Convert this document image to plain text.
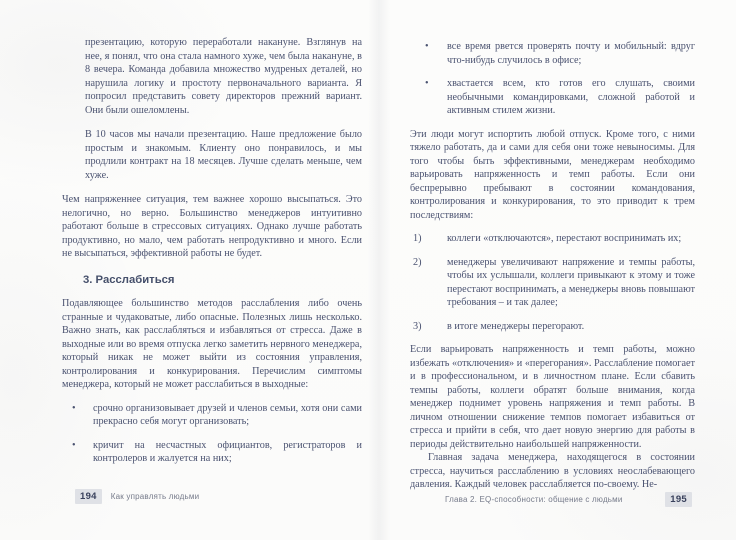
презентацию, которую переработали накануне. Взглянув на нее, я понял, что она стала намного хуже, чем была накануне, в 8 вечера. Команда добавила множество мудреных деталей, но нарушила логику и простоту первоначального варианта. Я попросил представить совету директоров прежний вариант. Они были ошеломлены.

В 10 часов мы начали презентацию. Наше предложение было простым и знакомым. Клиенту оно понравилось, и мы продлили контракт на 18 месяцев. Лучше сделать меньше, чем хуже.

Чем напряженнее ситуация, тем важнее хорошо высыпаться. Это нелогично, но верно. Большинство менеджеров интуитивно работают больше в стрессовых ситуациях. Однако лучше работать продуктивно, но мало, чем работать непродуктивно и много. Если не высыпаться, эффективной работы не будет.

3. Расслабиться

Подавляющее большинство методов расслабления либо очень странные и чудаковатые, либо опасные. Полезных лишь несколько. Важно знать, как расслабляться и избавляться от стресса. Даже в выходные или во время отпуска легко заметить нервного менеджера, который никак не может выйти из состояния управления, контролирования и конкурирования. Перечислим симптомы менеджера, который не может расслабиться в выходные:

• срочно организовывает друзей и членов семьи, хотя они сами прекрасно себя могут организовать;
• кричит на несчастных официантов, регистраторов и контролеров и жалуется на них;
194	Как управлять людьми
• все время рвется проверять почту и мобильный: вдруг что-нибудь случилось в офисе;
• хвастается всем, кто готов его слушать, своими необычными командировками, сложной работой и активным стилем жизни.

Эти люди могут испортить любой отпуск. Кроме того, с ними тяжело работать, да и сами для себя они тоже невыносимы. Для того чтобы быть эффективными, менеджерам необходимо варьировать напряженность и темп работы. Если они беспрерывно пребывают в состоянии командования, контролирования и конкурирования, то это приводит к трем последствиям:

1)	коллеги «отключаются», перестают воспринимать их;
2)	менеджеры увеличивают напряжение и темпы работы, чтобы их услышали, коллеги привыкают к этому и тоже перестают воспринимать, а менеджеры вновь повышают требования – и так далее;
3)	в итоге менеджеры перегорают.

Если варьировать напряженность и темп работы, можно избежать «отключения» и «перегорания». Расслабление помогает и в профессиональном, и в личностном плане. Если сбавить темпы работы, коллеги обратят больше внимания, когда менеджер поднимет уровень напряжения и темп работы. В личном отношении снижение темпов помогает избавиться от стресса и прийти в себя, что дает новую энергию для работы в периоды действительно наибольшей напряженности.

Главная задача менеджера, находящегося в состоянии стресса, научиться расслаблению в условиях неослабевающего давления. Каждый человек расслабляется по-своему. Не-

Глава 2. EQ-способности: общение с людьми	195
